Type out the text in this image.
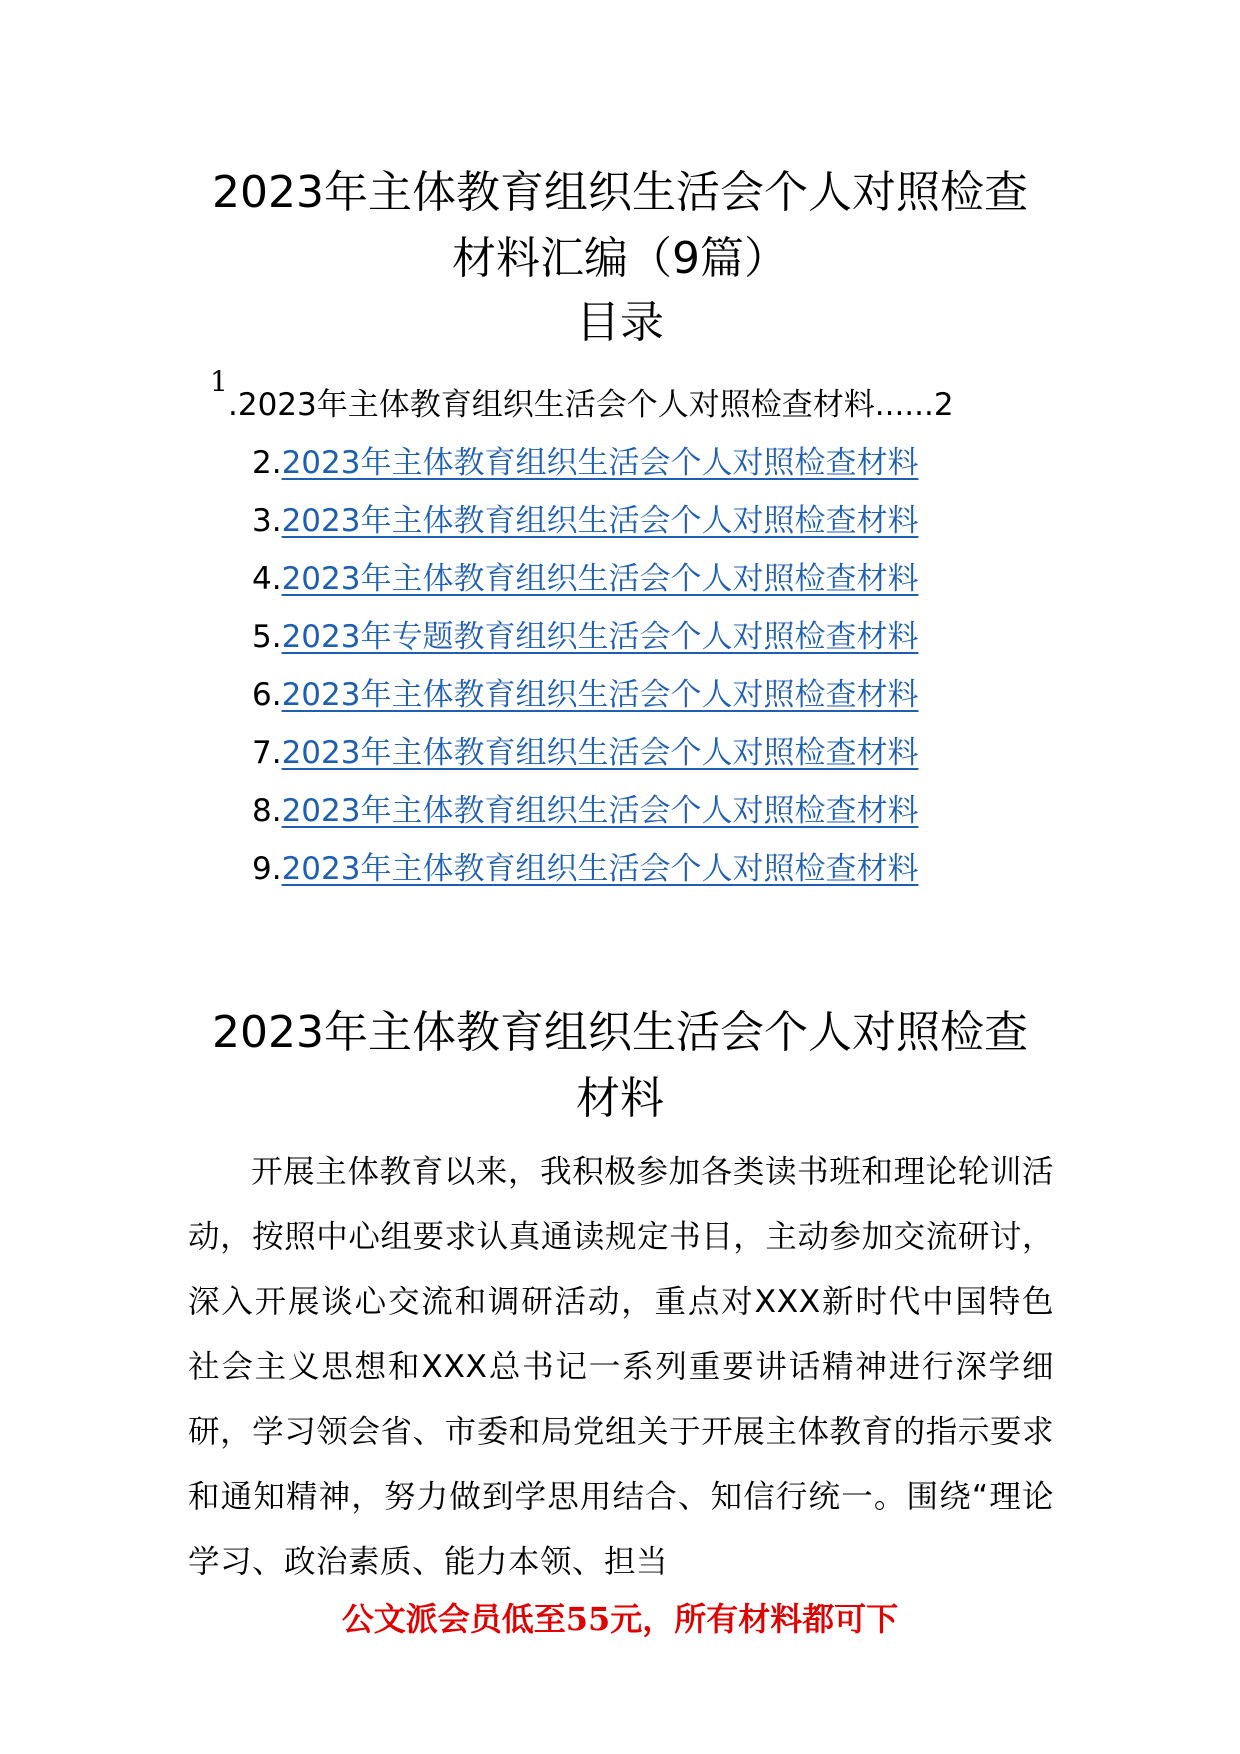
2023年主体教育组织生活会个人对照检查
材料汇编（9篇）
目录
1
.2023年主体教育组织生活会个人对照检查材料......2
2.2023年主体教育组织生活会个人对照检查材料
3.2023年主体教育组织生活会个人对照检查材料
4.2023年主体教育组织生活会个人对照检查材料
5.2023年专题教育组织生活会个人对照检查材料
6.2023年主体教育组织生活会个人对照检查材料
7.2023年主体教育组织生活会个人对照检查材料
8.2023年主体教育组织生活会个人对照检查材料
9.2023年主体教育组织生活会个人对照检查材料
2023年主体教育组织生活会个人对照检查
材料
开展主体教育以来，我积极参加各类读书班和理论轮训活动，按照中心组要求认真通读规定书目，主动参加交流研讨，深入开展谈心交流和调研活动，重点对XXX新时代中国特色社会主义思想和XXX总书记一系列重要讲话精神进行深学细研，学习领会省、市委和局党组关于开展主体教育的指示要求和通知精神，努力做到学思用结合、知信行统一。围绕“理论学习、政治素质、能力本领、担当
公文派会员低至55元，所有材料都可下
